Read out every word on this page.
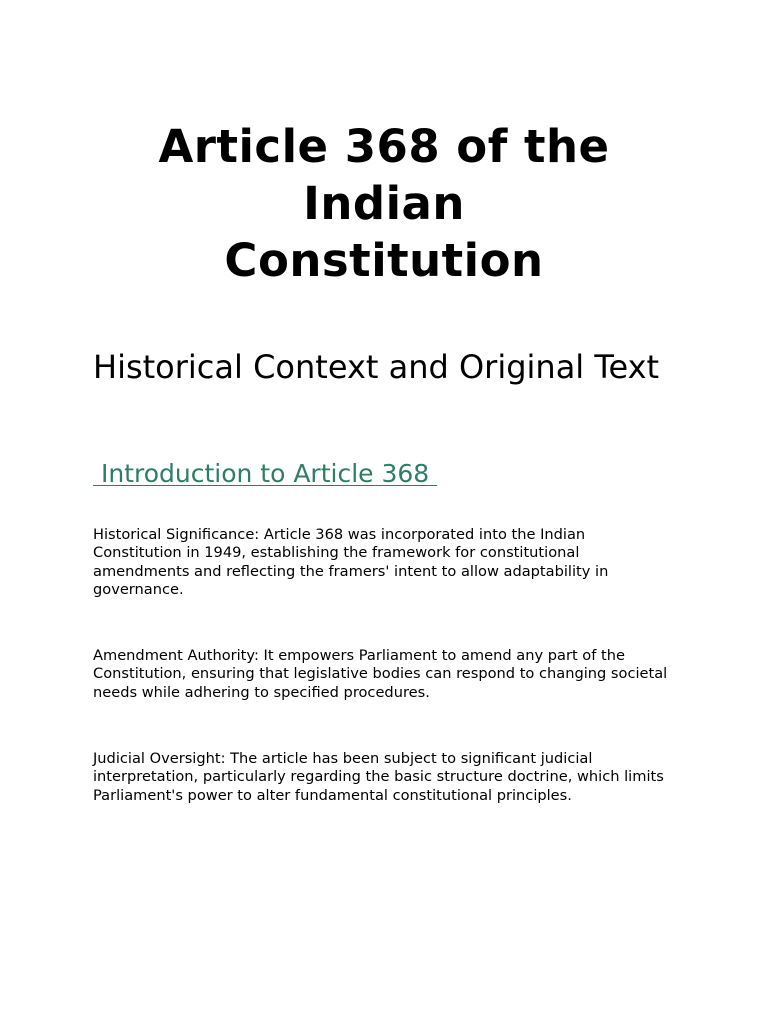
Article 368 of the
Indian
Constitution
Historical Context and Original Text
Introduction to Article 368

Historical Significance: Article 368 was incorporated into the Indian Constitution in 1949, establishing the framework for constitutional amendments and reflecting the framers' intent to allow adaptability in governance.

Amendment Authority: It empowers Parliament to amend any part of the Constitution, ensuring that legislative bodies can respond to changing societal needs while adhering to specified procedures.

Judicial Oversight: The article has been subject to significant judicial interpretation, particularly regarding the basic structure doctrine, which limits Parliament's power to alter fundamental constitutional principles.
